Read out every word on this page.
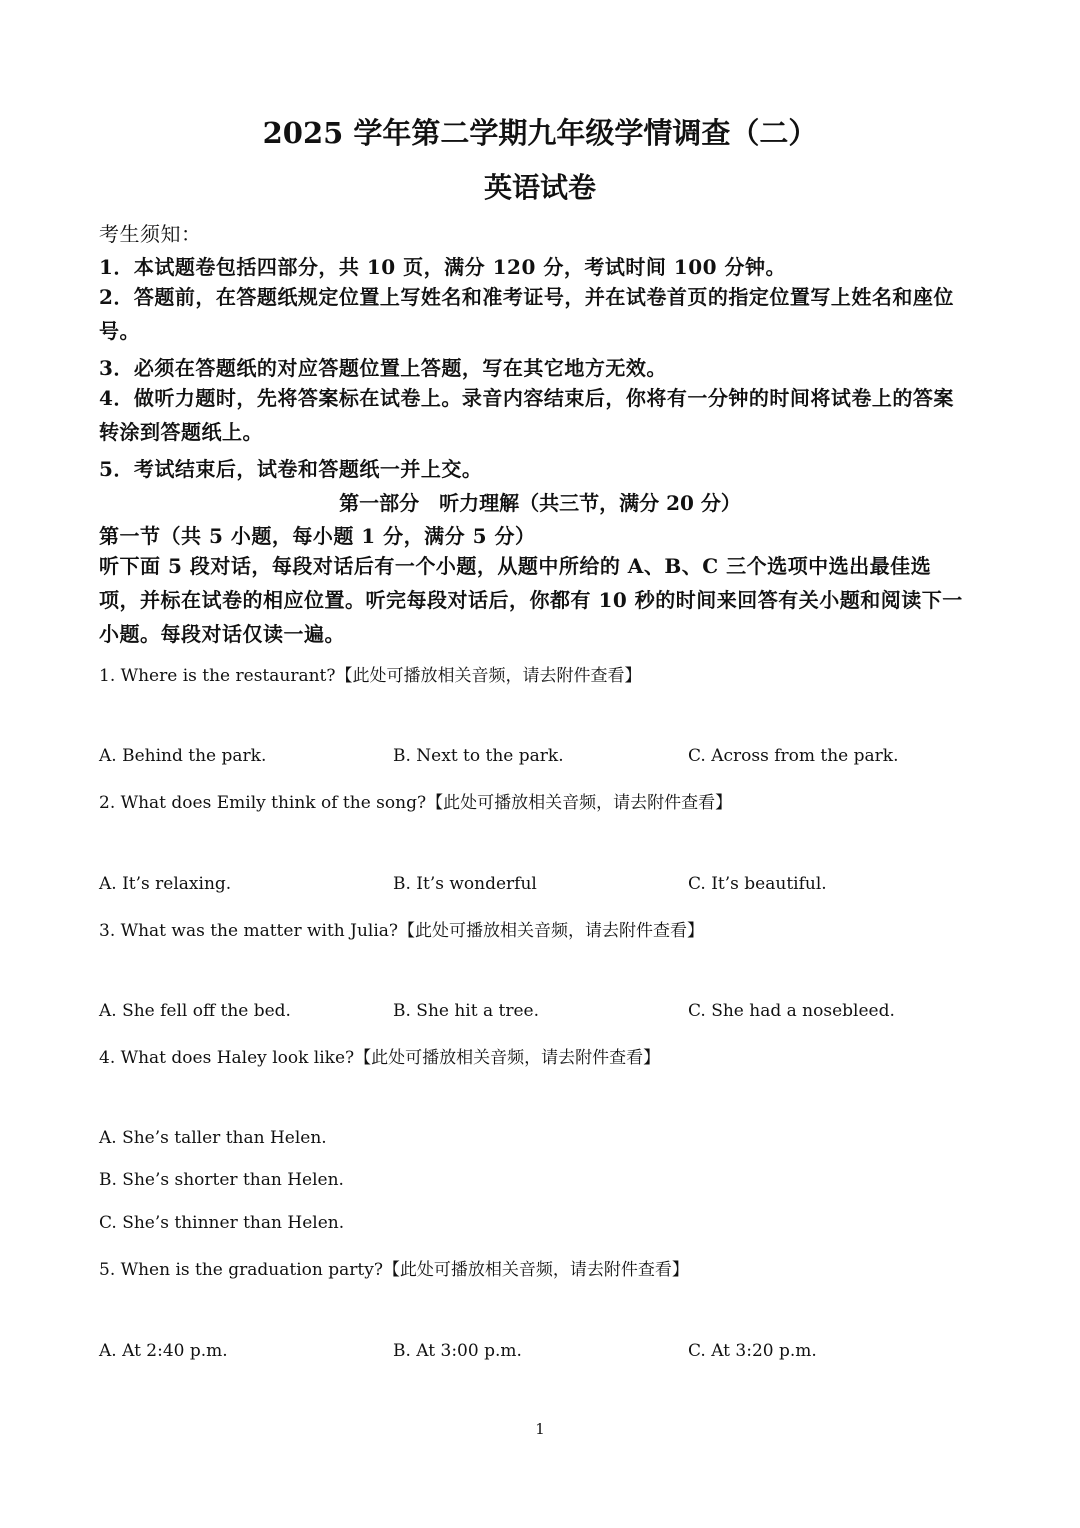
2025 学年第二学期九年级学情调查（二）
英语试卷
考生须知：
1．本试题卷包括四部分，共 10 页，满分 120 分，考试时间 100 分钟。
2．答题前，在答题纸规定位置上写姓名和准考证号，并在试卷首页的指定位置写上姓名和座位号。
3．必须在答题纸的对应答题位置上答题，写在其它地方无效。
4．做听力题时，先将答案标在试卷上。录音内容结束后，你将有一分钟的时间将试卷上的答案转涂到答题纸上。
5．考试结束后，试卷和答题纸一并上交。
第一部分　听力理解（共三节，满分 20 分）
第一节（共 5 小题，每小题 1 分，满分 5 分）
听下面 5 段对话，每段对话后有一个小题，从题中所给的 A、B、C 三个选项中选出最佳选项，并标在试卷的相应位置。听完每段对话后，你都有 10 秒的时间来回答有关小题和阅读下一小题。每段对话仅读一遍。
1. Where is the restaurant?【此处可播放相关音频，请去附件查看】
A. Behind the park.	B. Next to the park.	C. Across from the park.
2. What does Emily think of the song?【此处可播放相关音频，请去附件查看】
A. It’s relaxing.	B. It’s wonderful	C. It’s beautiful.
3. What was the matter with Julia?【此处可播放相关音频，请去附件查看】
A. She fell off the bed.	B. She hit a tree.	C. She had a nosebleed.
4. What does Haley look like?【此处可播放相关音频，请去附件查看】
A. She’s taller than Helen.
B. She’s shorter than Helen.
C. She’s thinner than Helen.
5. When is the graduation party?【此处可播放相关音频，请去附件查看】
A. At 2:40 p.m.	B. At 3:00 p.m.	C. At 3:20 p.m.
1
